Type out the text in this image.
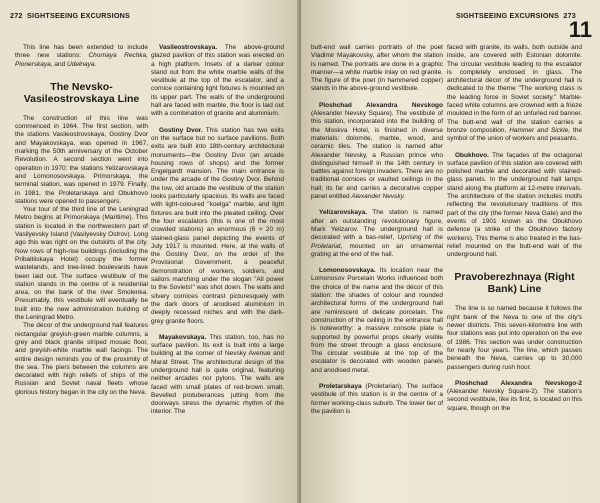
272 SIGHTSEEING EXCURSIONS

This line has been extended to include three new stations: Chornaya Rechka, Pionerskaya, and Udelnaya.

The Nevsko-Vasileostrovskaya Line

The construction of this line was commenced in 1964. The first section, with the stations Vasileostrovskaya, Gostiny Dvor and Mayakovskaya, was opened in 1967, marking the 50th anniversary of the October Revolution. A second section went into operation in 1970: the stations Yelizarovskaya and Lomonosovskaya. Primorskaya, the terminal station, was opened in 1979. Finally, in 1981, the Proletarskaya and Obukhovo stations were opened to passengers.

Your tour of the third line of the Leningrad Metro begins at Primorskaya (Maritime). This station is located in the northwestern part of Vasilyevsky Island (Vasilyevsky Ostrov). Long ago this was right on the outskirts of the city. Now rows of high-rise buildings (including the Pribaltiiskaya Hotel) occupy the former wastelands, and tree-lined boulevards have been laid out. The surface vestibule of the station stands in the centre of a residential area, on the bank of the river Smolenka. Presumably, this vestibule will eventually be built into the new administration building of the Leningrad Metro.

The décor of the underground hall features rectangular greyish-green marble columns, a grey and black granite striped mosaic floor, and greyish-white marble wall facings. The entire design reminds you of the proximity of the sea. The piers between the columns are decorated with high reliefs of ships of the Russian and Soviet naval fleets whose glorious history began in the city on the Neva.

Vasileostrovskaya. The above-ground glazed pavilion of this station was erected on a high platform. Insets of a darker colour stand out from the white marble walls of the vestibule at the top of the escalator, and a cornice containing light fixtures is mounted on its upper part. The walls of the underground hall are faced with marble, the floor is laid out with a combination of granite and aluminium.

Gostiny Dvor. This station has two exits on the surface but no surface pavilions. Both exits are built into 18th-century architectural monuments—the Gostiny Dvor (an arcade housing rows of shops) and the former Engelgardt mansion. The main entrance is under the arcade of the Gostiny Dvor. Behind the low, old arcade the vestibule of the station looks particularly spacious. Its walls are faced with light-coloured "koelga" marble, and light fixtures are built into the pleated ceiling. Over the four escalators (this is one of the most crowded stations) an enormous (6 × 20 m) stained-glass panel depicting the events of July 1917 is mounted. Here, at the walls of the Gostiny Dvor, on the order of the Provisional Government, a peaceful demonstration of workers, soldiers, and sailors marching under the slogan "All power to the Soviets!" was shot down. The walls and silvery cornices contrast picturesquely with the dark doors of anodised aluminium in deeply recessed niches and with the dark-grey granite floors.

Mayakovskaya. This station, too, has no surface pavilion. Its exit is built into a large building at the corner of Nevsky Avenue and Marat Street. The architectural design of the underground hall is quite original, featuring neither arcades nor pylons. The walls are faced with small plates of red-brown smalt. Bevelled protuberances jutting from the doorways stress the dynamic rhythm of the interior. The

SIGHTSEEING EXCURSIONS 273
11

butt-end wall carries portraits of the poet Vladimir Mayakovsky, after whom the station is named. The portraits are done in a graphic manner—a white marble inlay on red granite. The figure of the poet (in hammered copper) stands in the above-ground vestibule.

Ploshchad Alexandra Nevskogo (Alexander Nevsky Square). The vestibule of this station, incorporated into the building of the Moskva Hotel, is finished in diverse materials: dolomite, marble, wood, and ceramic tiles. The station is named after Alexander Nevsky, a Russian prince who distinguished himself in the 14th century in battles against foreign invaders. There are no traditional cornices or vaulted ceilings in the hall; its far end carries a decorative copper panel entitled Alexander Nevsky.

Yelizarovskaya. The station is named after an outstanding revolutionary figure, Mark Yelizarov. The underground hall is decorated with a bas-relief, Uprising of the Proletariat, mounted on an ornamental grating at the end of the hall.

Lomonosovskaya. Its location near the Lomonosov Porcelain Works influenced both the choice of the name and the décor of this station: the shades of colour and rounded architectural forms of the underground hall are reminiscent of delicate porcelain. The construction of the ceiling in the entrance hall is noteworthy: a massive console plate is supported by powerful props clearly visible from the street through a glass enclosure. The circular vestibule at the top of the escalator is decorated with wooden panels and anodised metal.

Proletarskaya (Proletarian). The surface vestibule of this station is in the centre of a former working-class suburb. The lower tier of the pavilion is

faced with granite, its walls, both outside and inside, are covered with Estonian dolomite. The circular vestibule leading to the escalator is completely enclosed in glass. The architectural décor of the underground hall is dedicated to the theme "The working class is the leading force in Soviet society." Marble-faced white columns are crowned with a frieze moulded in the form of an unfurled red banner. The butt-end wall of the station carries a bronze composition, Hammer and Sickle, the symbol of the union of workers and peasants.

Obukhovo. The façades of the octagonal surface pavilion of this station are covered with polished marble and decorated with stained-glass panels. In the underground hall lamps stand along the platform at 12-metre intervals. The architecture of the station includes motifs reflecting the revolutionary traditions of this part of the city (the former Neva Gate) and the events of 1901 known as the Obukhovo defence (a strike of the Obukhovo factory workers). This theme is also treated in the bas-relief mounted on the butt-end wall of the underground hall.

Pravoberezhnaya (Right Bank) Line

The line is so named because it follows the right bank of the Neva to one of the city's newer districts. This seven-kilometre line with four stations was put into operation on the eve of 1986. This section was under construction for nearly four years. The line, which passes beneath the Neva, carries up to 30,000 passengers during rush hour.

Ploshchad Alexandra Nevskogo-2 (Alexander Nevsky Square-2). The station's second vestibule, like its first, is located on this square, though on the
